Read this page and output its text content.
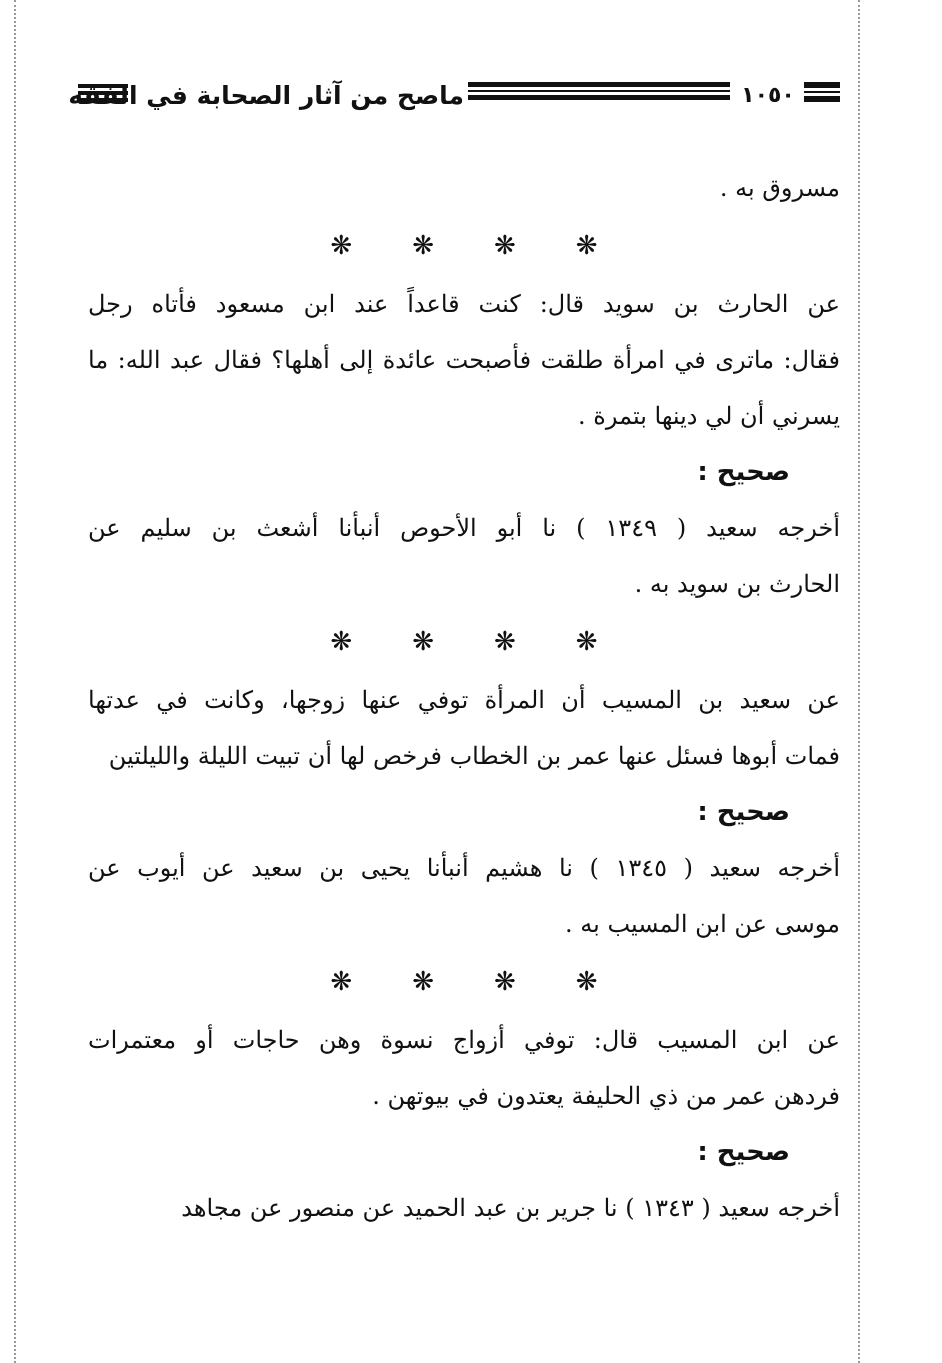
ماصح من آثار الصحابة في الفقه	١٠٥٠
مسروق به .
❋ ❋ ❋ ❋
عن الحارث بن سويد قال: كنت قاعداً عند ابن مسعود فأتاه رجل
فقال: ماترى في امرأة طلقت فأصبحت عائدة إلى أهلها؟ فقال عبد الله: ما
يسرني أن لي دينها بتمرة .
صحيح :
أخرجه سعيد ( ١٣٤٩ ) نا أبو الأحوص أنبأنا أشعث بن سليم عن
الحارث بن سويد به .
❋ ❋ ❋ ❋
عن سعيد بن المسيب أن المرأة توفي عنها زوجها، وكانت في عدتها
فمات أبوها فسئل عنها عمر بن الخطاب فرخص لها أن تبيت الليلة والليلتين
صحيح :
أخرجه سعيد ( ١٣٤٥ ) نا هشيم أنبأنا يحيى بن سعيد عن أيوب عن
موسى عن ابن المسيب به .
❋ ❋ ❋ ❋
عن ابن المسيب قال: توفي أزواج نسوة وهن حاجات أو معتمرات
فردهن عمر من ذي الحليفة يعتدون في بيوتهن .
صحيح :
أخرجه سعيد ( ١٣٤٣ ) نا جرير بن عبد الحميد عن منصور عن مجاهد
